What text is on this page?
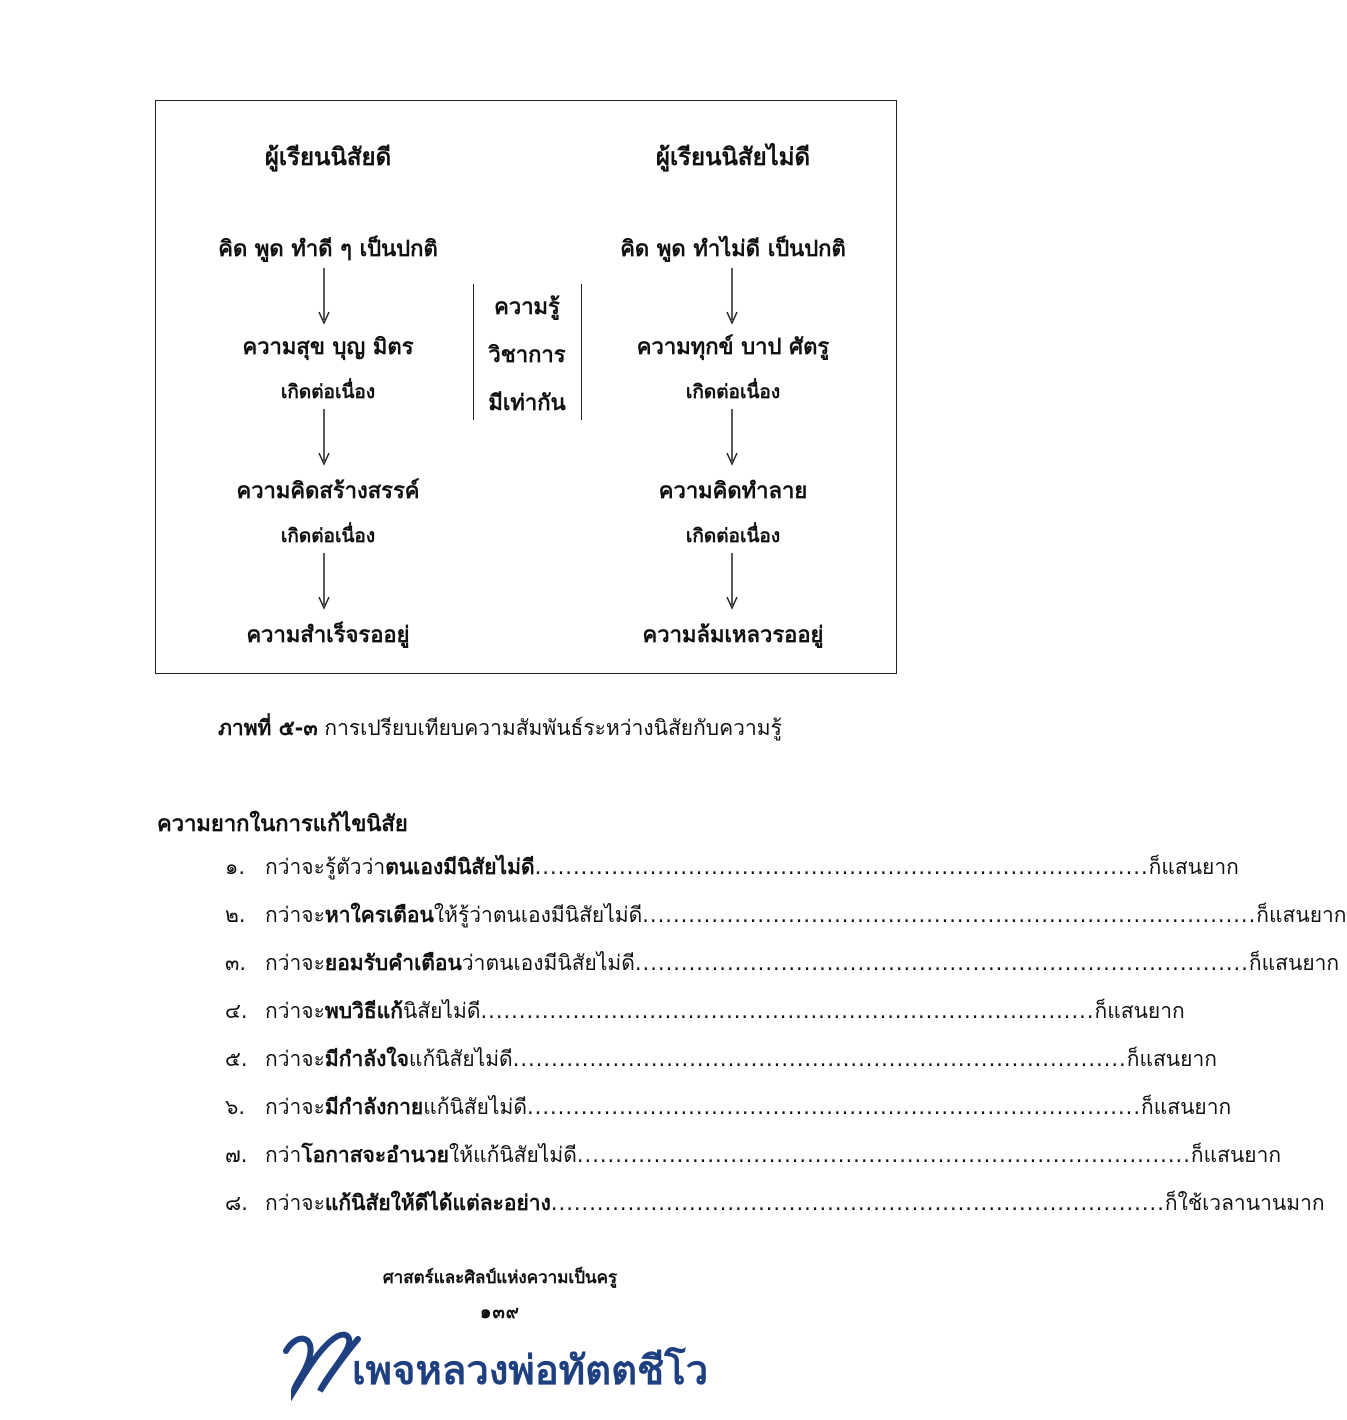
ผู้เรียนนิสัยดี	ผู้เรียนนิสัยไม่ดี
คิด พูด ทำดี ๆ เป็นปกติ	คิด พูด ทำไม่ดี เป็นปกติ
ความสุข บุญ มิตร	ความทุกข์ บาป ศัตรู
เกิดต่อเนื่อง	เกิดต่อเนื่อง
ความคิดสร้างสรรค์	ความคิดทำลาย
เกิดต่อเนื่อง	เกิดต่อเนื่อง
ความสำเร็จรออยู่	ความล้มเหลวรออยู่
ความรู้
วิชาการ
มีเท่ากัน
ภาพที่ ๕-๓ การเปรียบเทียบความสัมพันธ์ระหว่างนิสัยกับความรู้
ความยากในการแก้ไขนิสัย
๑. กว่าจะรู้ตัวว่าตนเองมีนิสัยไม่ดี ................................................................................ ก็แสนยาก
๒. กว่าจะหาใครเตือนให้รู้ว่าตนเองมีนิสัยไม่ดี ................................................................................ ก็แสนยาก
๓. กว่าจะยอมรับคำเตือนว่าตนเองมีนิสัยไม่ดี ................................................................................ ก็แสนยาก
๔. กว่าจะพบวิธีแก้นิสัยไม่ดี ................................................................................ ก็แสนยาก
๕. กว่าจะมีกำลังใจแก้นิสัยไม่ดี ................................................................................ ก็แสนยาก
๖. กว่าจะมีกำลังกายแก้นิสัยไม่ดี ................................................................................ ก็แสนยาก
๗. กว่าโอกาสจะอำนวยให้แก้นิสัยไม่ดี ................................................................................ ก็แสนยาก
๘. กว่าจะแก้นิสัยให้ดีได้แต่ละอย่าง ................................................................................ ก็ใช้เวลานานมาก
ศาสตร์และศิลป์แห่งความเป็นครู
๑๓๙
เพจหลวงพ่อทัตตชีโว
